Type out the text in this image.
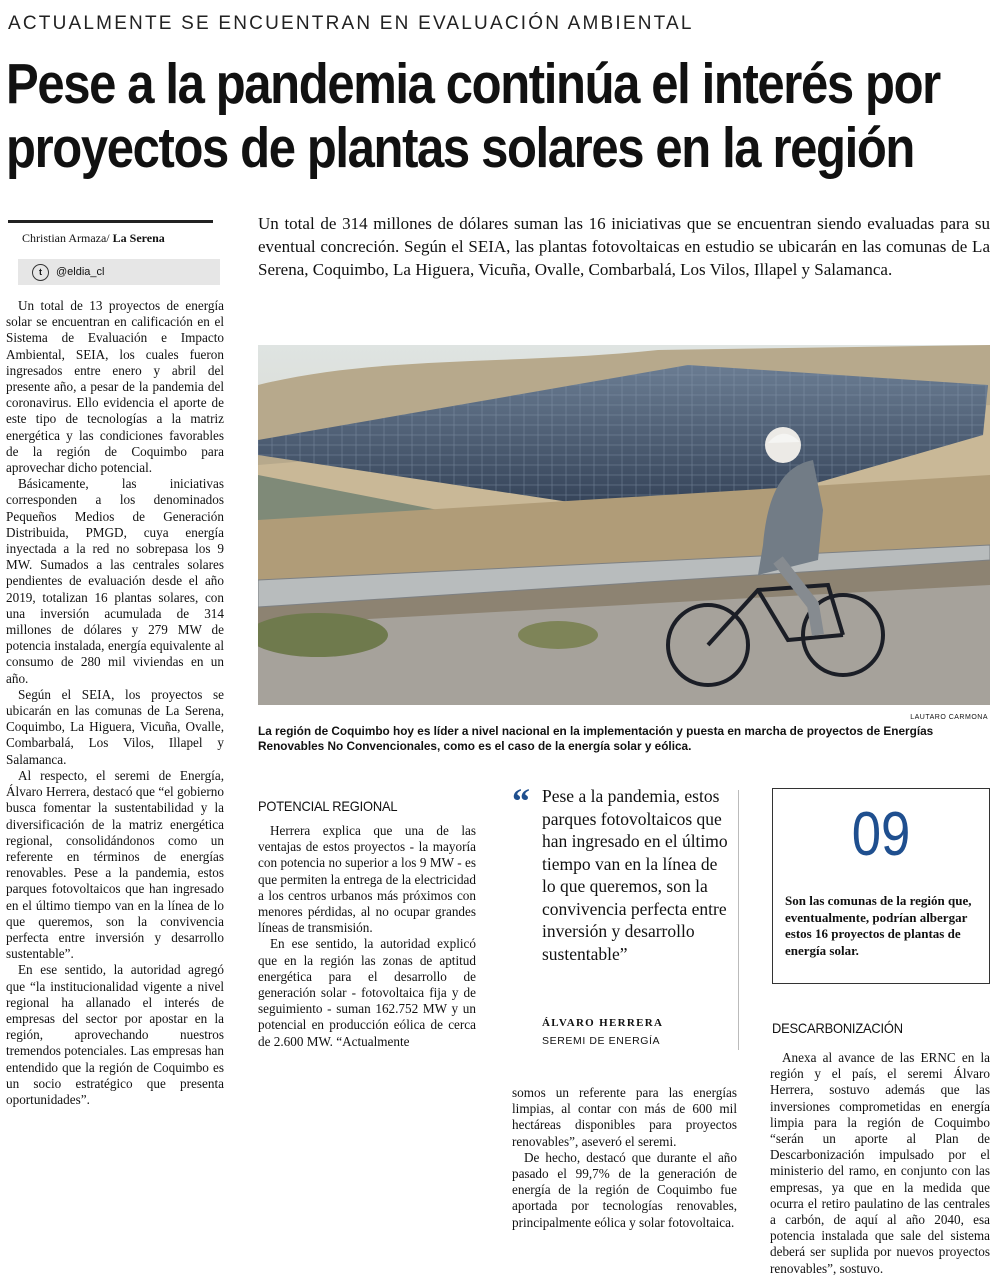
ACTUALMENTE SE ENCUENTRAN EN EVALUACIÓN AMBIENTAL
Pese a la pandemia continúa el interés por
proyectos de plantas solares en la región
Christian Armaza/ La Serena
t	@eldia_cl
Un total de 314 millones de dólares suman las 16 iniciativas que se encuentran siendo evaluadas para su eventual concreción. Según el SEIA, las plantas fotovoltaicas en estudio se ubicarán en las comunas de La Serena, Coquimbo, La Higuera, Vicuña, Ovalle, Combarbalá, Los Vilos, Illapel y Salamanca.

Un total de 13 proyectos de energía solar se encuentran en calificación en el Sistema de Evaluación e Impacto Ambiental, SEIA, los cuales fueron ingresados entre enero y abril del presente año, a pesar de la pandemia del coronavirus. Ello evidencia el aporte de este tipo de tecnologías a la matriz energética y las condiciones favorables de la región de Coquimbo para aprovechar dicho potencial.

Básicamente, las iniciativas corresponden a los denominados Pequeños Medios de Generación Distribuida, PMGD, cuya energía inyectada a la red no sobrepasa los 9 MW. Sumados a las centrales solares pendientes de evaluación desde el año 2019, totalizan 16 plantas solares, con una inversión acumulada de 314 millones de dólares y 279 MW de potencia instalada, energía equivalente al consumo de 280 mil viviendas en un año.

Según el SEIA, los proyectos se ubicarán en las comunas de La Serena, Coquimbo, La Higuera, Vicuña, Ovalle, Combarbalá, Los Vilos, Illapel y Salamanca.

Al respecto, el seremi de Energía, Álvaro Herrera, destacó que “el gobierno busca fomentar la sustentabilidad y la diversificación de la matriz energética regional, consolidándonos como un referente en términos de energías renovables. Pese a la pandemia, estos parques fotovoltaicos que han ingresado en el último tiempo van en la línea de lo que queremos, son la convivencia perfecta entre inversión y desarrollo sustentable”.

En ese sentido, la autoridad agregó que “la institucionalidad vigente a nivel regional ha allanado el interés de empresas del sector por apostar en la región, aprovechando nuestros tremendos potenciales. Las empresas han entendido que la región de Coquimbo es un socio estratégico que presenta oportunidades”.

LAUTARO CARMONA
La región de Coquimbo hoy es líder a nivel nacional en la implementación y puesta en marcha de proyectos de Energías Renovables No Convencionales, como es el caso de la energía solar y eólica.
POTENCIAL REGIONAL

Herrera explica que una de las ventajas de estos proyectos - la mayoría con potencia no superior a los 9 MW - es que permiten la entrega de la electricidad a los centros urbanos más próximos con menores pérdidas, al no ocupar grandes líneas de transmisión.

En ese sentido, la autoridad explicó que en la región las zonas de aptitud energética para el desarrollo de generación solar - fotovoltaica fija y de seguimiento - suman 162.752 MW y un potencial en producción eólica de cerca de 2.600 MW. “Actualmente

“ Pese a la pandemia, estos parques fotovoltaicos que han ingresado en el último tiempo van en la línea de lo que queremos, son la convivencia perfecta entre inversión y desarrollo sustentable”
ÁLVARO HERRERA
SEREMI DE ENERGÍA

somos un referente para las energías limpias, al contar con más de 600 mil hectáreas disponibles para proyectos renovables”, aseveró el seremi.

De hecho, destacó que durante el año pasado el 99,7% de la generación de energía de la región de Coquimbo fue aportada por tecnologías renovables, principalmente eólica y solar fotovoltaica.

09
Son las comunas de la región que, eventualmente, podrían albergar estos 16 proyectos de plantas de energía solar.
DESCARBONIZACIÓN

Anexa al avance de las ERNC en la región y el país, el seremi Álvaro Herrera, sostuvo además que las inversiones comprometidas en energía limpia para la región de Coquimbo “serán un aporte al Plan de Descarbonización impulsado por el ministerio del ramo, en conjunto con las empresas, ya que en la medida que ocurra el retiro paulatino de las centrales a carbón, de aquí al año 2040, esa potencia instalada que sale del sistema deberá ser suplida por nuevos proyectos renovables”, sostuvo.
